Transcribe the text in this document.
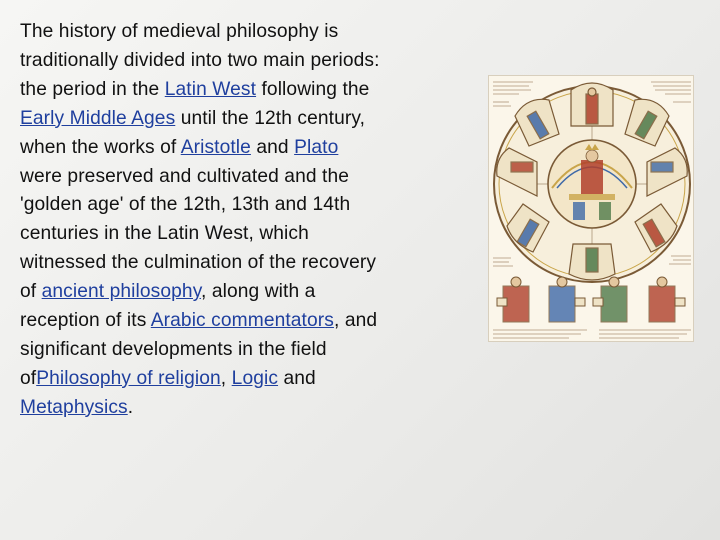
The history of medieval philosophy is traditionally divided into two main periods: the period in the Latin West following the Early Middle Ages until the 12th century, when the works of Aristotle and Plato were preserved and cultivated and the 'golden age' of the 12th, 13th and 14th centuries in the Latin West, which witnessed the culmination of the recovery of ancient philosophy, along with a reception of its Arabic commentators, and significant developments in the field ofPhilosophy of religion, Logic and Metaphysics.
